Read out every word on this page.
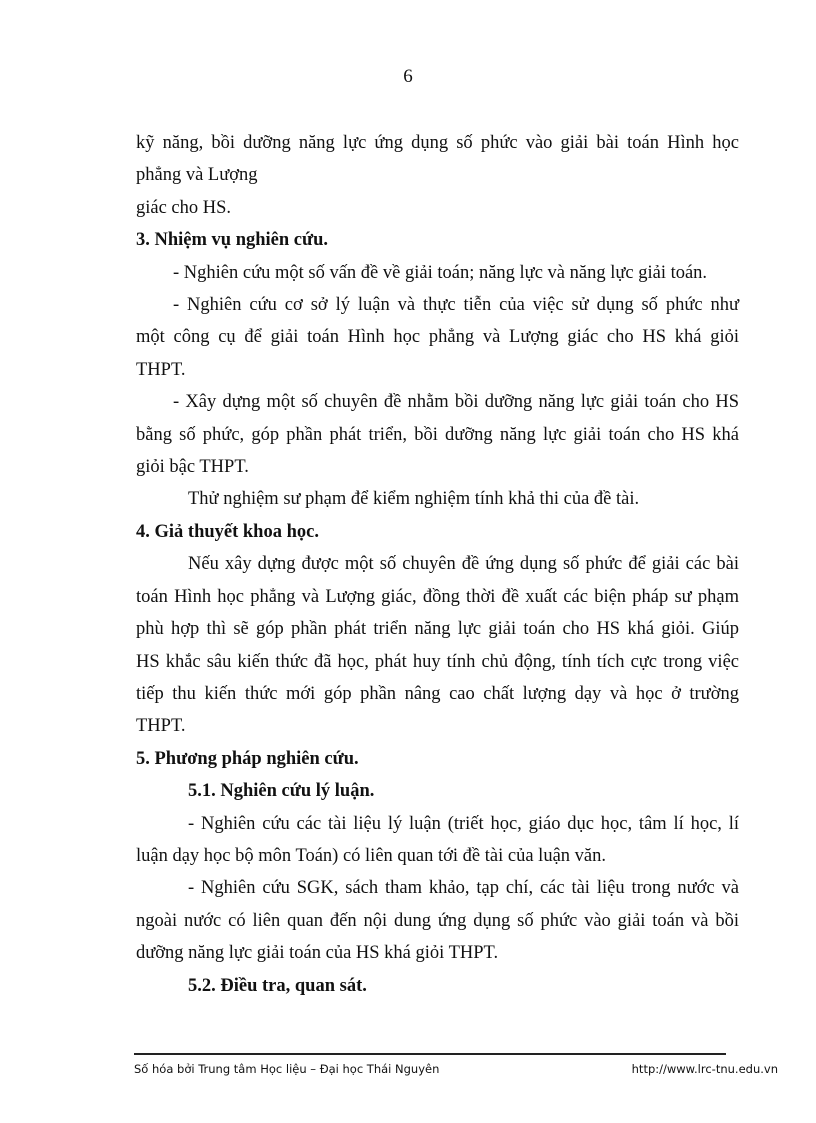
6
kỹ năng, bồi dưỡng năng lực ứng dụng số phức vào giải bài toán Hình học
phẳng và Lượng
giác cho HS.
3. Nhiệm vụ nghiên cứu.
- Nghiên cứu một số vấn đề về giải toán; năng lực và năng lực giải toán.
- Nghiên cứu cơ sở lý luận và thực tiễn của việc sử dụng số phức như
một công cụ để giải toán Hình học phẳng và Lượng giác cho HS khá giỏi
THPT.
- Xây dựng một số chuyên đề nhằm bồi dưỡng năng lực giải toán cho HS
bằng số phức, góp phần phát triển, bồi dưỡng năng lực giải toán cho HS khá
giỏi bậc THPT.
Thử nghiệm sư phạm để kiểm nghiệm tính khả thi của đề tài.
4. Giả thuyết khoa học.
Nếu xây dựng được một số chuyên đề ứng dụng số phức để giải các bài
toán Hình học phẳng và Lượng giác, đồng thời đề xuất các biện pháp sư phạm
phù hợp thì sẽ góp phần phát triển năng lực giải toán cho HS khá giỏi. Giúp
HS khắc sâu kiến thức đã học, phát huy tính chủ động, tính tích cực trong việc
tiếp thu kiến thức mới góp phần nâng cao chất lượng dạy và học ở trường
THPT.
5. Phương pháp nghiên cứu.
5.1. Nghiên cứu lý luận.
- Nghiên cứu các tài liệu lý luận (triết học, giáo dục học, tâm lí học, lí
luận dạy học bộ môn Toán) có liên quan tới đề tài của luận văn.
- Nghiên cứu SGK, sách tham khảo, tạp chí, các tài liệu trong nước và
ngoài nước có liên quan đến nội dung ứng dụng số phức vào giải toán và bồi
dưỡng năng lực giải toán của HS khá giỏi THPT.
5.2. Điều tra, quan sát.
Số hóa bởi Trung tâm Học liệu – Đại học Thái Nguyên	http://www.lrc-tnu.edu.vn
